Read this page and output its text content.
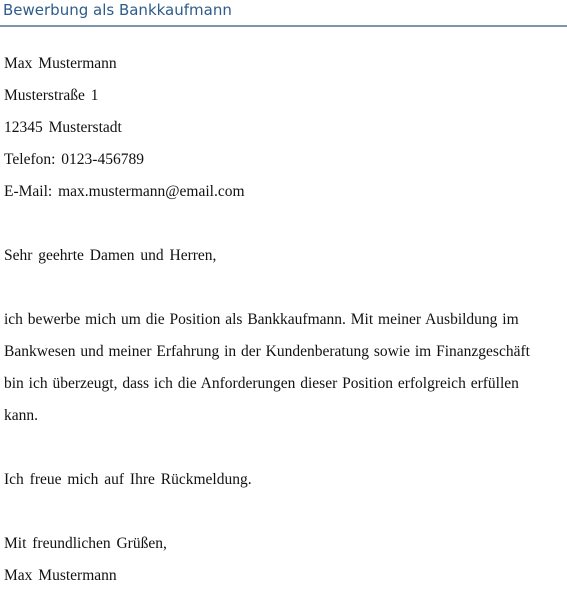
Bewerbung als Bankkaufmann
Max Mustermann
Musterstraße 1
12345 Musterstadt
Telefon: 0123-456789
E-Mail: max.mustermann@email.com
Sehr geehrte Damen und Herren,
ich bewerbe mich um die Position als Bankkaufmann. Mit meiner Ausbildung im
Bankwesen und meiner Erfahrung in der Kundenberatung sowie im Finanzgeschäft
bin ich überzeugt, dass ich die Anforderungen dieser Position erfolgreich erfüllen
kann.
Ich freue mich auf Ihre Rückmeldung.
Mit freundlichen Grüßen,
Max Mustermann
